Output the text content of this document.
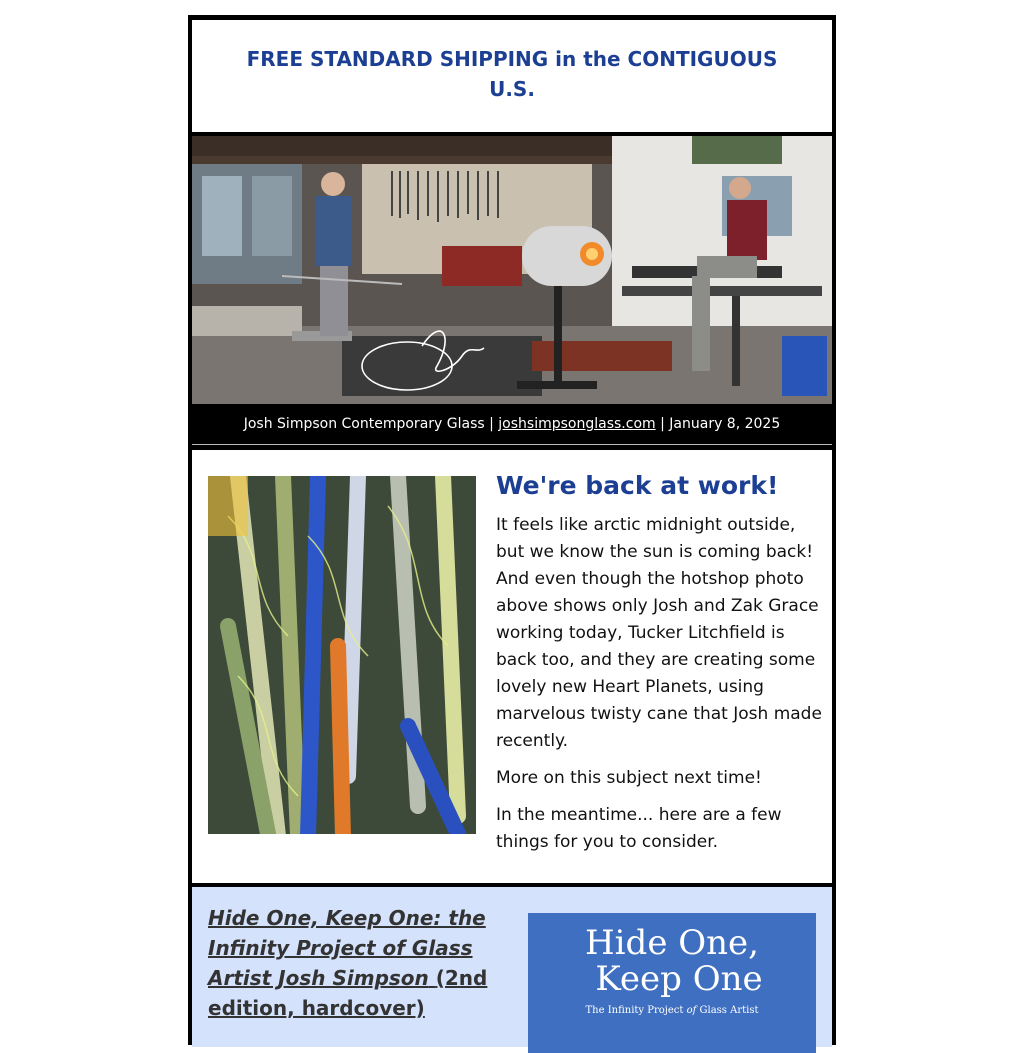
FREE STANDARD SHIPPING in the CONTIGUOUS U.S.
Josh Simpson Contemporary Glass | joshsimpsonglass.com | January 8, 2025
We're back at work!

It feels like arctic midnight outside, but we know the sun is coming back! And even though the hotshop photo above shows only Josh and Zak Grace working today, Tucker Litchfield is back too, and they are creating some lovely new Heart Planets, using marvelous twisty cane that Josh made recently.

More on this subject next time!

In the meantime... here are a few things for you to consider.

Hide One, Keep One: the Infinity Project of Glass Artist Josh Simpson (2nd edition, hardcover)
Hide One,
Keep One
The Infinity Project of Glass Artist
